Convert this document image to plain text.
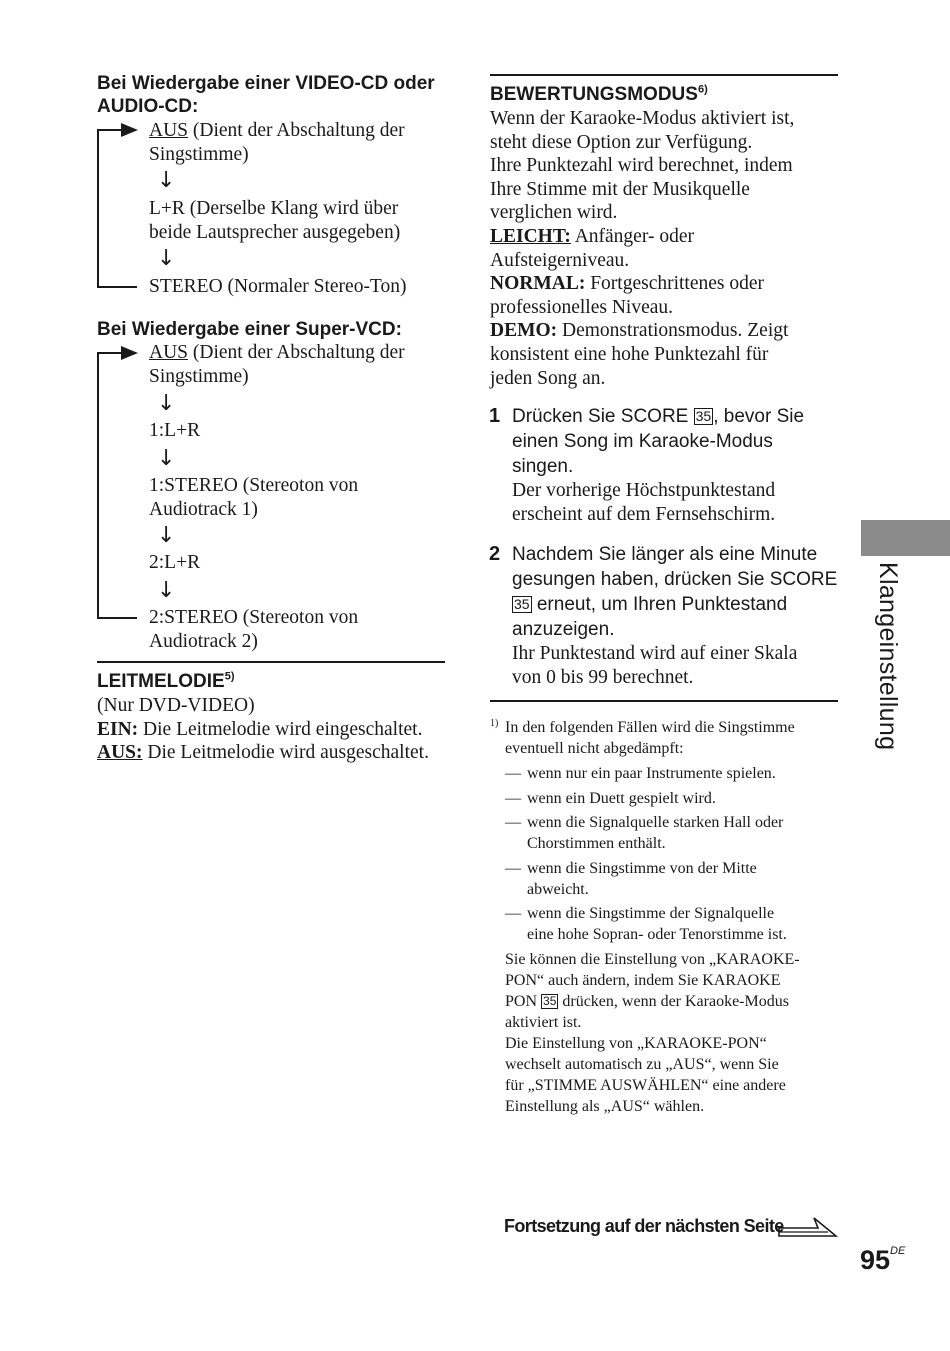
Bei Wiedergabe einer VIDEO-CD oder
AUDIO-CD:
AUS (Dient der Abschaltung der
Singstimme)
↓
L+R (Derselbe Klang wird über
beide Lautsprecher ausgegeben)
↓
STEREO (Normaler Stereo-Ton)
Bei Wiedergabe einer Super-VCD:
AUS (Dient der Abschaltung der
Singstimme)
↓
1:L+R
↓
1:STEREO (Stereoton von
Audiotrack 1)
↓
2:L+R
↓
2:STEREO (Stereoton von
Audiotrack 2)
LEITMELODIE$^{5)}$
(Nur DVD-VIDEO)
EIN: Die Leitmelodie wird eingeschaltet.
AUS: Die Leitmelodie wird ausgeschaltet.
BEWERTUNGSMODUS$^{6)}$
Wenn der Karaoke-Modus aktiviert ist,
steht diese Option zur Verfügung.
Ihre Punktezahl wird berechnet, indem
Ihre Stimme mit der Musikquelle
verglichen wird.
LEICHT: Anfänger- oder
Aufsteigerniveau.
NORMAL: Fortgeschrittenes oder
professionelles Niveau.
DEMO: Demonstrationsmodus. Zeigt
konsistent eine hohe Punktezahl für
jeden Song an.
1 Drücken Sie SCORE 35 , bevor Sie
einen Song im Karaoke-Modus
singen.
Der vorherige Höchstpunktestand
erscheint auf dem Fernsehschirm.
2 Nachdem Sie länger als eine Minute
gesungen haben, drücken Sie SCORE
35 erneut, um Ihren Punktestand
anzuzeigen.
Ihr Punktestand wird auf einer Skala
von 0 bis 99 berechnet.
1) In den folgenden Fällen wird die Singstimme
eventuell nicht abgedämpft:
— wenn nur ein paar Instrumente spielen.
— wenn ein Duett gespielt wird.
— wenn die Signalquelle starken Hall oder
Chorstimmen enthält.
— wenn die Singstimme von der Mitte
abweicht.
— wenn die Singstimme der Signalquelle
eine hohe Sopran- oder Tenorstimme ist.
Sie können die Einstellung von „KARAOKE-
PON“ auch ändern, indem Sie KARAOKE
PON 35 drücken, wenn der Karaoke-Modus
aktiviert ist.
Die Einstellung von „KARAOKE-PON“
wechselt automatisch zu „AUS“, wenn Sie
für „STIMME AUSWÄHLEN“ eine andere
Einstellung als „AUS“ wählen.
Klangeinstellung
Fortsetzung auf der nächsten Seite
95DE
